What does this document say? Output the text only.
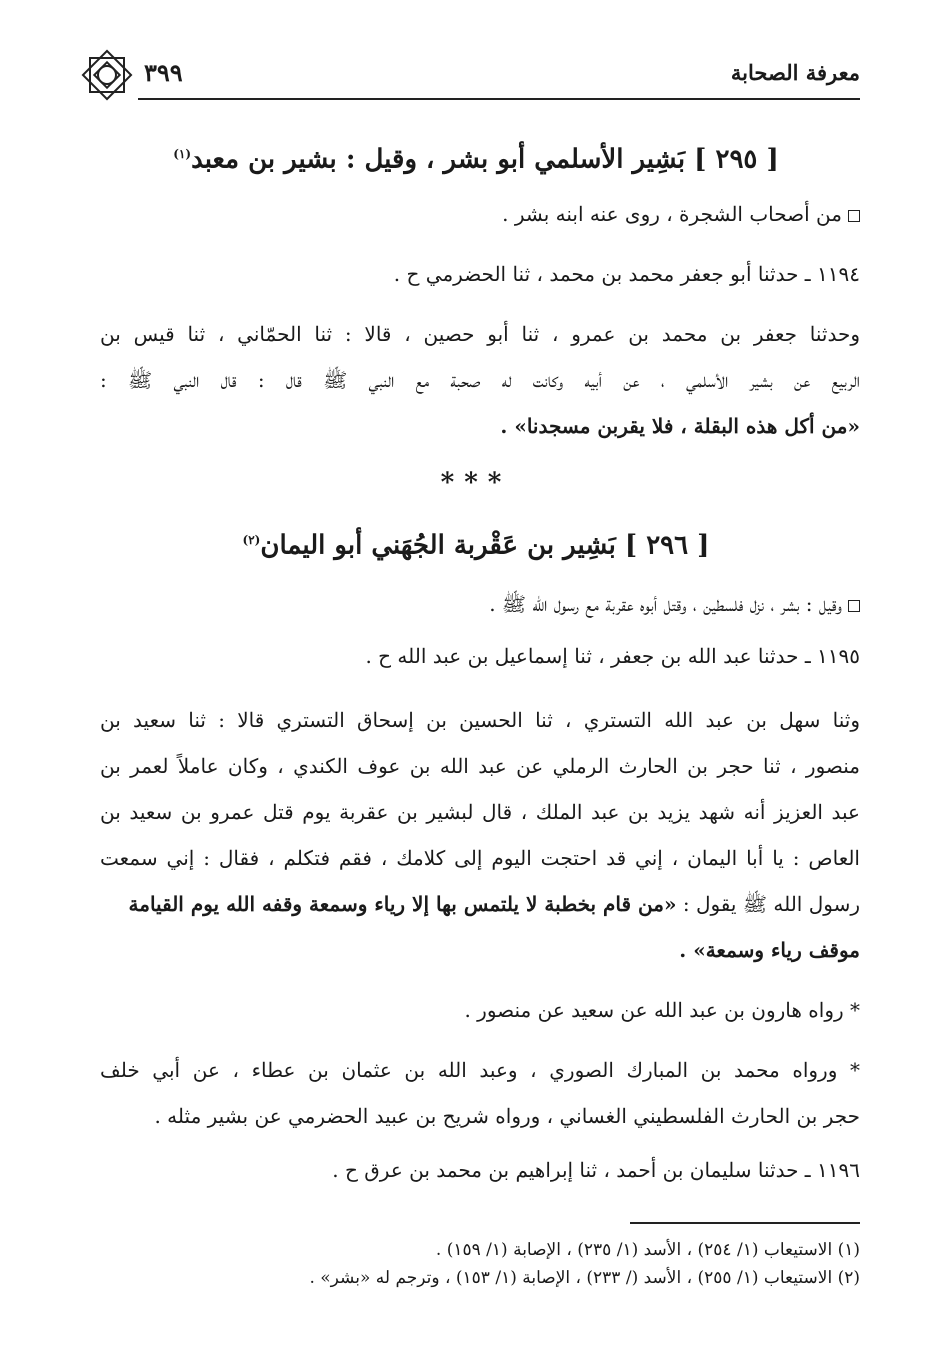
معرفة الصحابة
٣٩٩
[ ٢٩٥ ] بَشِير الأسلمي أبو بشر ، وقيل : بشير بن معبد$^{(١)}$
من أصحاب الشجرة ، روى عنه ابنه بشر .
١١٩٤ ـ حدثنا أبو جعفر محمد بن محمد ، ثنا الحضرمي ح .
وحدثنا جعفر بن محمد بن عمرو ، ثنا أبو حصين ، قالا : ثنا الحمّاني ، ثنا قيس بن
الربيع عن بشير الأسلمي ، عن أبيه وكانت له صحبة مع النبي ﷺ قال : قال النبي ﷺ :
«من أكل هذه البقلة ، فلا يقربن مسجدنا» .
***
[ ٢٩٦ ] بَشِير بن عَقْربة الجُهَني أبو اليمان$^{(٢)}$
وقيل : بشر ، نزل فلسطين ، وقتل أبوه عقربة مع رسول الله ﷺ .
١١٩٥ ـ حدثنا عبد الله بن جعفر ، ثنا إسماعيل بن عبد الله ح .
وثنا سهل بن عبد الله التستري ، ثنا الحسين بن إسحاق التستري قالا : ثنا سعيد بن
منصور ، ثنا حجر بن الحارث الرملي عن عبد الله بن عوف الكندي ، وكان عاملاً لعمر بن
عبد العزيز أنه شهد يزيد بن عبد الملك ، قال لبشير بن عقربة يوم قتل عمرو بن سعيد بن
العاص : يا أبا اليمان ، إني قد احتجت اليوم إلى كلامك ، فقم فتكلم ، فقال : إني سمعت
رسول الله ﷺ يقول : «من قام بخطبة لا يلتمس بها إلا رياء وسمعة وقفه الله يوم القيامة
موقف رياء وسمعة» .
* رواه هارون بن عبد الله عن سعيد عن منصور .
* ورواه محمد بن المبارك الصوري ، وعبد الله بن عثمان بن عطاء ، عن أبي خلف
حجر بن الحارث الفلسطيني الغساني ، ورواه شريح بن عبيد الحضرمي عن بشير مثله .
١١٩٦ ـ حدثنا سليمان بن أحمد ، ثنا إبراهيم بن محمد بن عرق ح .
(١) الاستيعاب (١/ ٢٥٤) ، الأسد (١/ ٢٣٥) ، الإصابة (١/ ١٥٩) .
(٢) الاستيعاب (١/ ٢٥٥) ، الأسد (/ ٢٣٣) ، الإصابة (١/ ١٥٣) ، وترجم له «بشر» .
